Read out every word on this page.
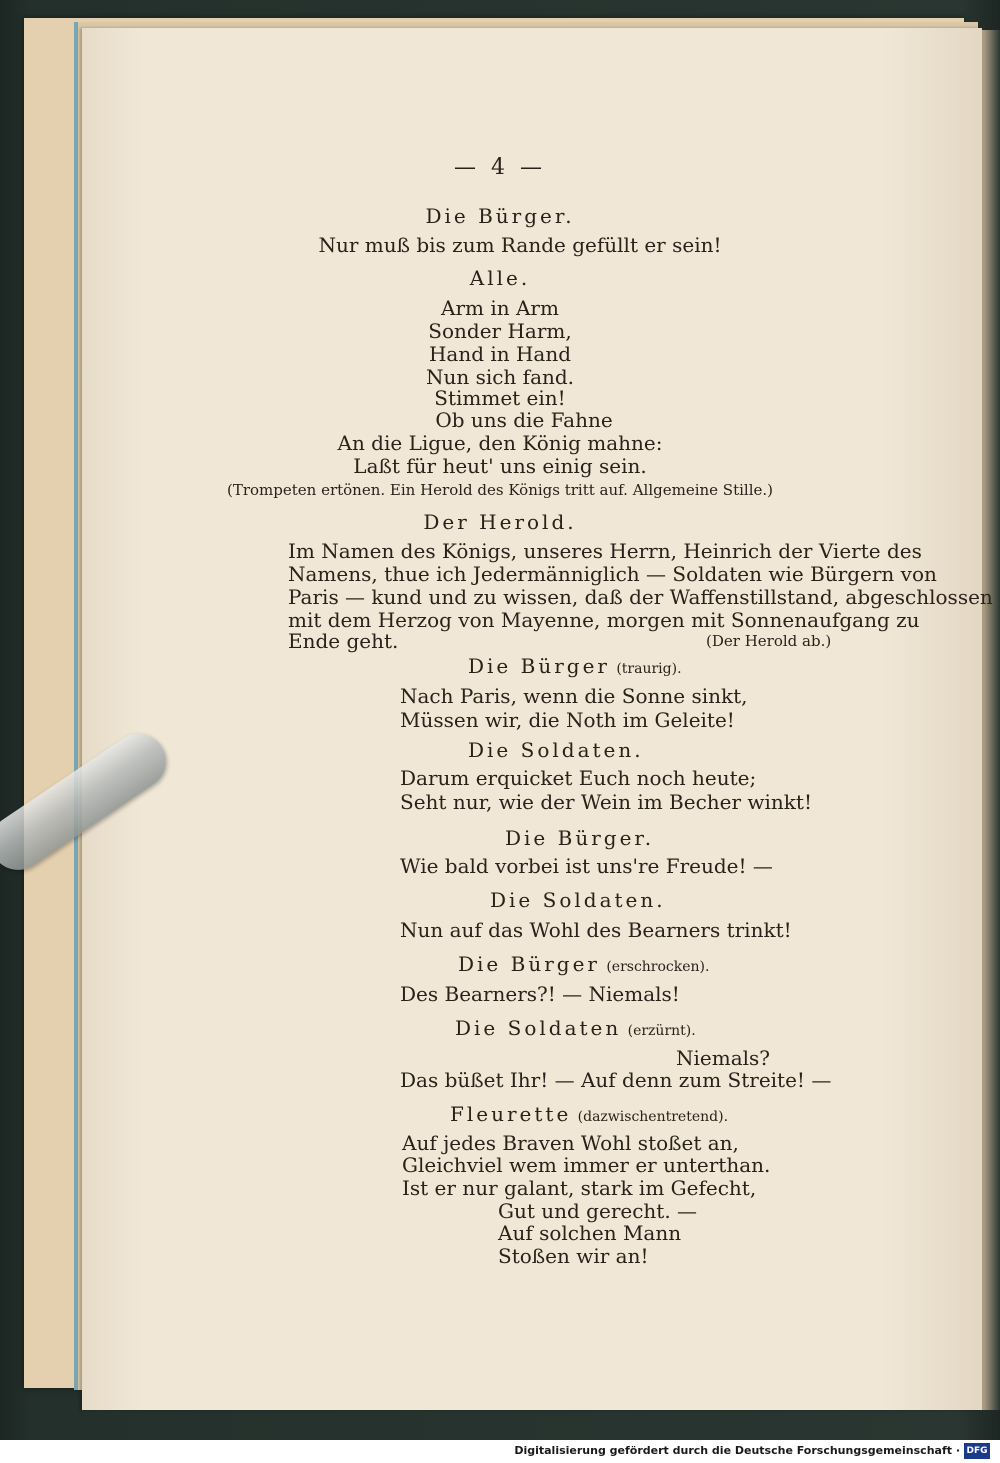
— 4 —
Die Bürger.
Nur muß bis zum Rande gefüllt er sein!
Alle.
Arm in Arm
Sonder Harm,
Hand in Hand
Nun sich fand.
Stimmet ein!
Ob uns die Fahne
An die Ligue, den König mahne:
Laßt für heut' uns einig sein.
(Trompeten ertönen. Ein Herold des Königs tritt auf. Allgemeine Stille.)
Der Herold.
Im Namen des Königs, unseres Herrn, Heinrich der Vierte des
Namens, thue ich Jedermänniglich — Soldaten wie Bürgern von
Paris — kund und zu wissen, daß der Waffenstillstand, abgeschlossen
mit dem Herzog von Mayenne, morgen mit Sonnenaufgang zu
Ende geht.	(Der Herold ab.)
Die Bürger (traurig).
Nach Paris, wenn die Sonne sinkt,
Müssen wir, die Noth im Geleite!
Die Soldaten.
Darum erquicket Euch noch heute;
Seht nur, wie der Wein im Becher winkt!
Die Bürger.
Wie bald vorbei ist uns're Freude! —
Die Soldaten.
Nun auf das Wohl des Bearners trinkt!
Die Bürger (erschrocken).
Des Bearners?! — Niemals!
Die Soldaten (erzürnt).
Niemals?
Das büßet Ihr! — Auf denn zum Streite! —
Fleurette (dazwischentretend).
Auf jedes Braven Wohl stoßet an,
Gleichviel wem immer er unterthan.
Ist er nur galant, stark im Gefecht,
Gut und gerecht. —
Auf solchen Mann
Stoßen wir an!
Digitalisierung gefördert durch die Deutsche Forschungsgemeinschaft · DFG
